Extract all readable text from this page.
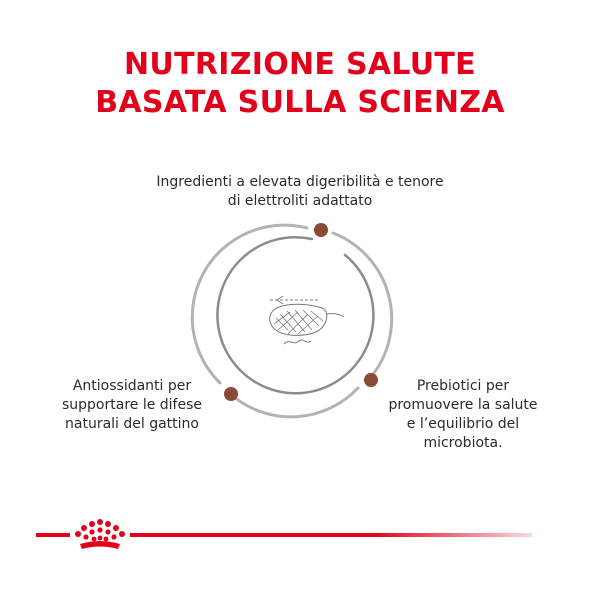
NUTRIZIONE SALUTE
BASATA SULLA SCIENZA
Ingredienti a elevata digeribilità e tenore di elettroliti adattato
Antiossidanti per supportare le difese naturali del gattino
Prebiotici per promuovere la salute e l’equilibrio del microbiota.
